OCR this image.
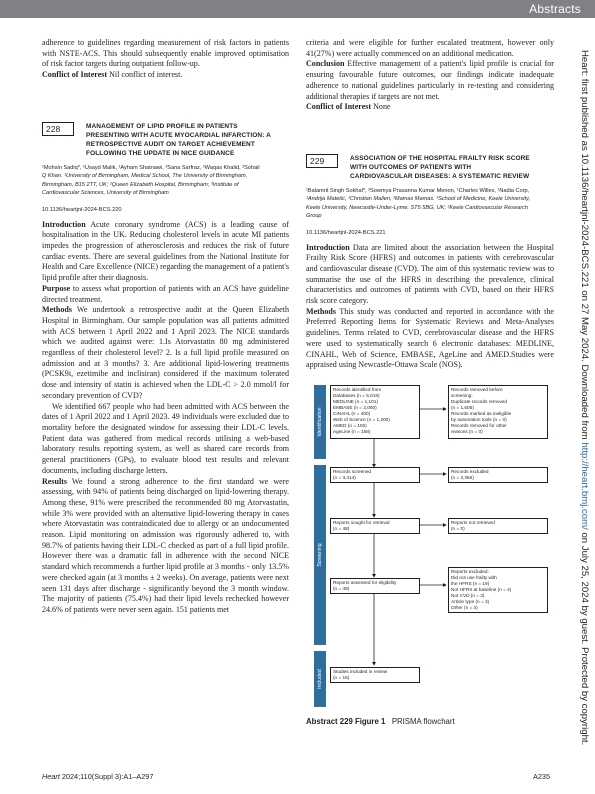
Abstracts
Heart: first published as 10.1136/heartjnl-2024-BCS.221 on 27 May 2024. Downloaded from http://heart.bmj.com/ on July 25, 2024 by guest. Protected by copyright.

adherence to guidelines regarding measurement of risk factors in patients with NSTE-ACS. This should subsequently enable improved optimisation of risk factor targets during outpatient follow-up.

Conflict of Interest Nil conflict of interest.

228	MANAGEMENT OF LIPID PROFILE IN PATIENTS
PRESENTING WITH ACUTE MYOCARDIAL INFARCTION: A
RETROSPECTIVE AUDIT ON TARGET ACHIEVEMENT
FOLLOWING THE UPDATE IN NICE GUIDANCE
¹Mohsin Sadiq*, ¹Usayd Malik, ¹Ayham Shatnawi, ²Sana Sarfraz, ¹Waqas Khalid, ²Sohail
Q Khan. ¹University of Birmingham, Medical School, The University of Birmingham,
Birmingham, B15 2TT, UK; ²Queen Elizabeth Hospital, Birmingham; ³Institute of
Cardiovascular Sciences, University of Birmingham
10.1136/heartjnl-2024-BCS.220

Introduction Acute coronary syndrome (ACS) is a leading cause of hospitalisation in the UK. Reducing cholesterol levels in acute MI patients impedes the progression of atherosclerosis and reduces the risk of future cardiac events. There are several guidelines from the National Institute for Health and Care Excellence (NICE) regarding the management of a patient's lipid profile after their diagnosis.

Purpose to assess what proportion of patients with an ACS have guideline directed treatment.

Methods We undertook a retrospective audit at the Queen Elizabeth Hospital in Birmingham. Our sample population was all patients admitted with ACS between 1 April 2022 and 1 April 2023. The NICE standards which we audited against were: 1.Is Atorvastatin 80 mg administered regardless of their cholesterol level? 2. Is a full lipid profile measured on admission and at 3 months? 3. Are additional lipid-lowering treatments (PCSK9i, ezetimibe and inclisiran) considered if the maximum tolerated dose and intensity of statin is achieved when the LDL-C > 2.0 mmol/l for secondary prevention of CVD?

We identified 667 people who had been admitted with ACS between the dates of 1 April 2022 and 1 April 2023. 49 individuals were excluded due to mortality before the designated window for assessing their LDL-C levels. Patient data was gathered from medical records utilising a web-based laboratory results reporting system, as well as shared care records from general practitioners (GPs), to evaluate blood test results and relevant documents, including discharge letters.

Results We found a strong adherence to the first standard we were assessing, with 94% of patients being discharged on lipid-lowering therapy. Among these, 91% were prescribed the recommended 80 mg Atorvastatin, while 3% were provided with an alternative lipid-lowering therapy in cases where Atorvastatin was contraindicated due to allergy or an undocumented reason. Lipid monitoring on admission was rigorously adhered to, with 98.7% of patients having their LDL-C checked as part of a full lipid profile. However there was a dramatic fall in adherence with the second NICE standard which recommends a further lipid profile at 3 months - only 13.5% were checked again (at 3 months ± 2 weeks). On average, patients were next seen 131 days after discharge - significantly beyond the 3 month window. The majority of patients (75.4%) had their lipid levels rechecked however 24.6% of patients were never seen again. 151 patients met

criteria and were eligible for further escalated treatment, however only 41(27%) were actually commenced on an additional medication.

Conclusion Effective management of a patient's lipid profile is crucial for ensuring favourable future outcomes, our findings indicate inadequate adherence to national guidelines particularly in re-testing and considering additional therapies if targets are not met.

Conflict of Interest None

229	ASSOCIATION OF THE HOSPITAL FRAILTY RISK SCORE
WITH OUTCOMES OF PATIENTS WITH
CARDIOVASCULAR DISEASES: A SYSTEMATIC REVIEW
¹Balamrit Singh Sokhal*, ²Sowmya Prasanna Kumar Menon, ¹Charles Willes, ¹Nadia Corp,
¹Andrija Matetić, ¹Christian Mallen, ²Mamas Mamas. ¹School of Medicine, Keele University,
Keele University, Newcastle-Under-Lyme, ST5 5BG, UK; ²Keele Cardiovascular Research
Group
10.1136/heartjnl-2024-BCS.221

Introduction Data are limited about the association between the Hospital Frailty Risk Score (HFRS) and outcomes in patients with cerebrovascular and cardiovascular disease (CVD). The aim of this systematic review was to summarise the use of the HFRS in describing the prevalence, clinical characteristics and outcomes of patients with CVD, based on their HFRS risk score category.

Methods This study was conducted and reported in accordance with the Preferred Reporting Items for Systematic Reviews and Meta-Analyses guidelines. Terms related to CVD, cerebrovascular disease and the HFRS were used to systematically search 6 electronic databases: MEDLINE, CINAHL, Web of Science, EMBASE, AgeLine and AMED.Studies were appraised using Newcastle-Ottawa Scale (NOS).

Identification
Screening
Included
Records identified from
Databases (n = 5,019)
MEDLINE (n = 1,101)
EMBASE (n = 2,000)
CINAHL (n = 400)
Web of Science (n = 1,200)
AMED (n = 150)
AgeLine (n = 168)
Records removed before
screening:
Duplicate records removed
(n = 1,605)
Records marked as ineligible
by automation tools (n = 0)
Records removed for other
reasons (n = 0)
Records screened
(n = 3,414)
Records excluded
(n = 3,366)
Reports sought for retrieval
(n = 48)
Reports not retrieved
(n = 0)
Reports assessed for eligibility
(n = 48)
Reports excluded:
Did not use frailty with
the HFRS (n = 19)
Not HFRS at baseline (n = 4)
Not CVD (n = 3)
Article type (n = 3)
Other (n = 3)
Studies included in review
(n = 16)
Abstract 229 Figure 1 PRISMA flowchart
Heart 2024;110(Suppl 3):A1–A297	A235
